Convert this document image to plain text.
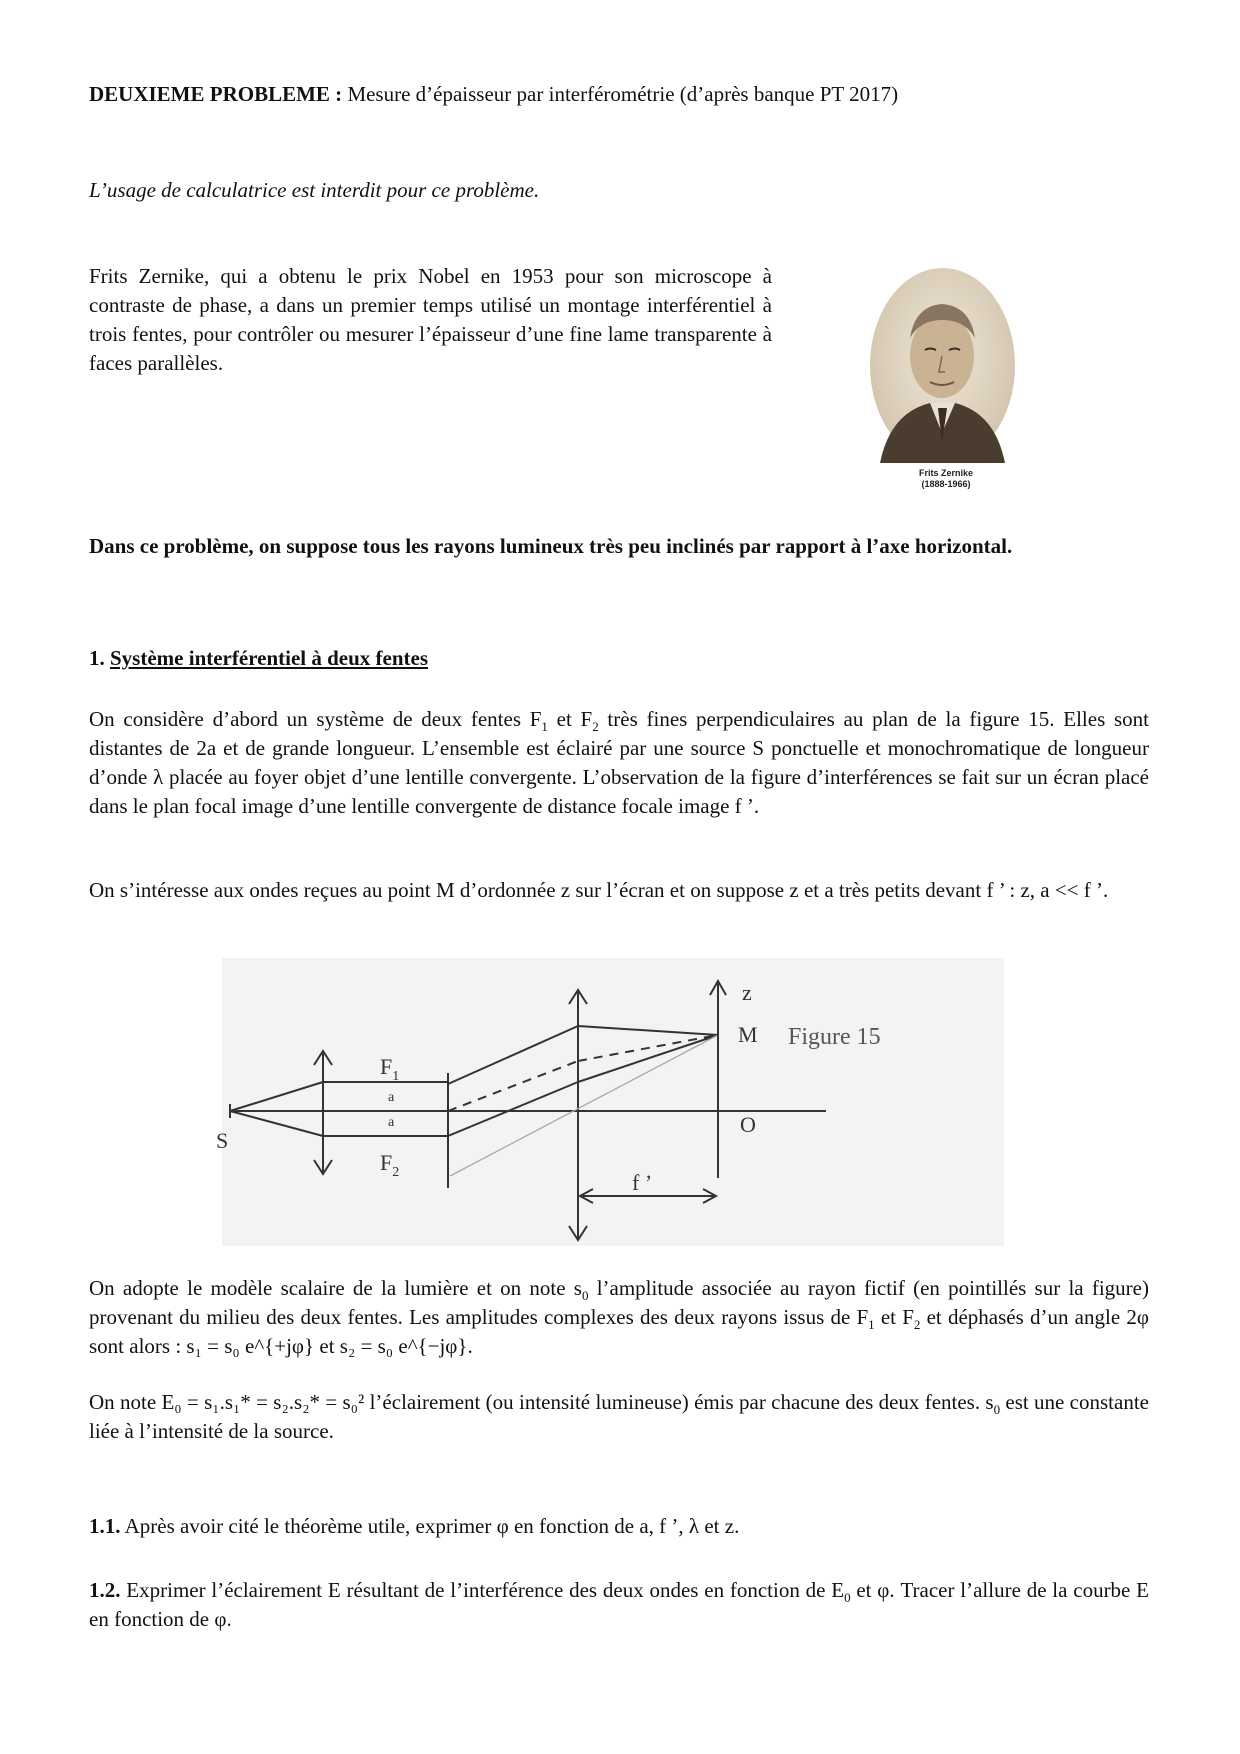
DEUXIEME PROBLEME : Mesure d’épaisseur par interférométrie (d’après banque PT 2017)
L’usage de calculatrice est interdit pour ce problème.
Frits Zernike, qui a obtenu le prix Nobel en 1953 pour son microscope à contraste de phase, a dans un premier temps utilisé un montage interférentiel à trois fentes, pour contrôler ou mesurer l’épaisseur d’une fine lame transparente à faces parallèles.
Frits Zernike
(1888-1966)
Dans ce problème, on suppose tous les rayons lumineux très peu inclinés par rapport à l’axe horizontal.
1. Système interférentiel à deux fentes
On considère d’abord un système de deux fentes $F_1$ et $F_2$ très fines perpendiculaires au plan de la figure 15. Elles sont distantes de 2a et de grande longueur. L’ensemble est éclairé par une source S ponctuelle et monochromatique de longueur d’onde λ placée au foyer objet d’une lentille convergente. L’observation de la figure d’interférences se fait sur un écran placé dans le plan focal image d’une lentille convergente de distance focale image f ’.
On s’intéresse aux ondes reçues au point M d’ordonnée z sur l’écran et on suppose z et a très petits devant f ’ : z, a << f ’.
S
$F_1$
a
a
$F_2$
z
M
O
f ’
Figure 15
On adopte le modèle scalaire de la lumière et on note $s_0$ l’amplitude associée au rayon fictif (en pointillés sur la figure) provenant du milieu des deux fentes. Les amplitudes complexes des deux rayons issus de $F_1$ et $F_2$ et déphasés d’un angle 2φ sont alors : s₁ = s₀ e^{+jφ} et s₂ = s₀ e^{−jφ}.
On note E₀ = s₁.s₁* = s₂.s₂* = s₀² l’éclairement (ou intensité lumineuse) émis par chacune des deux fentes. $s_0$ est une constante liée à l’intensité de la source.
1.1. Après avoir cité le théorème utile, exprimer φ en fonction de a, f ’, λ et z.
1.2. Exprimer l’éclairement E résultant de l’interférence des deux ondes en fonction de $E_0$ et φ. Tracer l’allure de la courbe E en fonction de φ.
